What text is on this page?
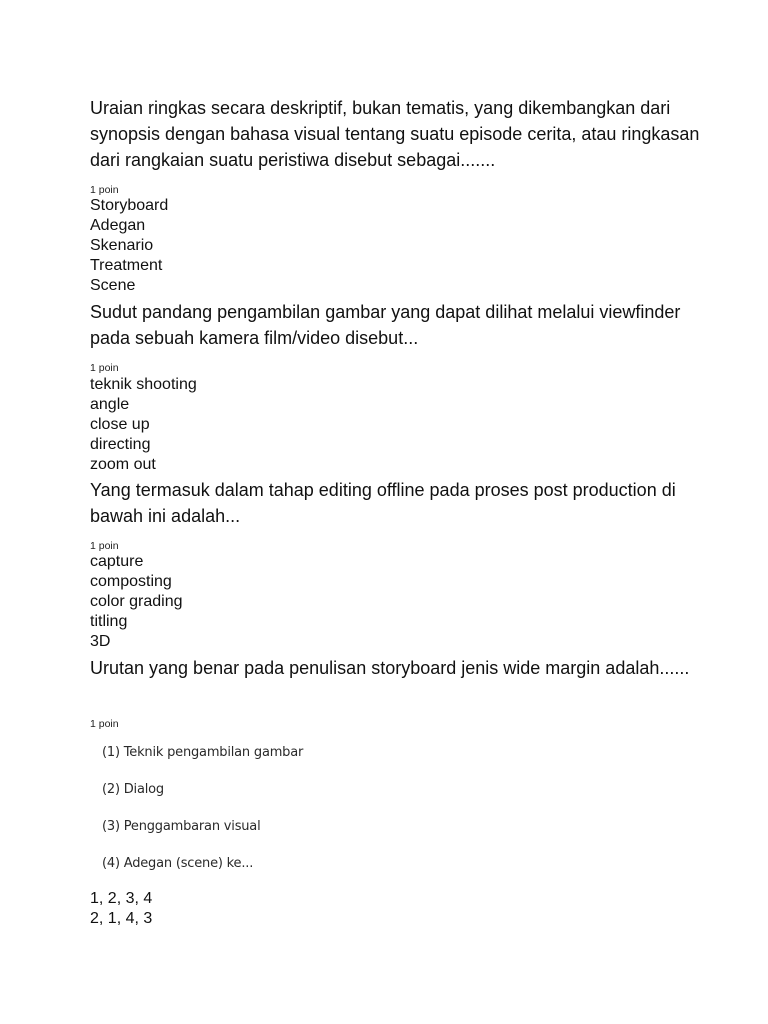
Uraian ringkas secara deskriptif, bukan tematis, yang dikembangkan dari synopsis dengan bahasa visual tentang suatu episode cerita, atau ringkasan dari rangkaian suatu peristiwa disebut sebagai.......

1 poin
Storyboard
Adegan
Skenario
Treatment
Scene

Sudut pandang pengambilan gambar yang dapat dilihat melalui viewfinder pada sebuah kamera film/video disebut...

1 poin
teknik shooting
angle
close up
directing
zoom out

Yang termasuk dalam tahap editing offline pada proses post production di bawah ini adalah...

1 poin
capture
composting
color grading
titling
3D

Urutan yang benar pada penulisan storyboard jenis wide margin adalah......

1 poin
(1) Teknik pengambilan gambar
(2) Dialog
(3) Penggambaran visual
(4) Adegan (scene) ke...
1, 2, 3, 4
2, 1, 4, 3
